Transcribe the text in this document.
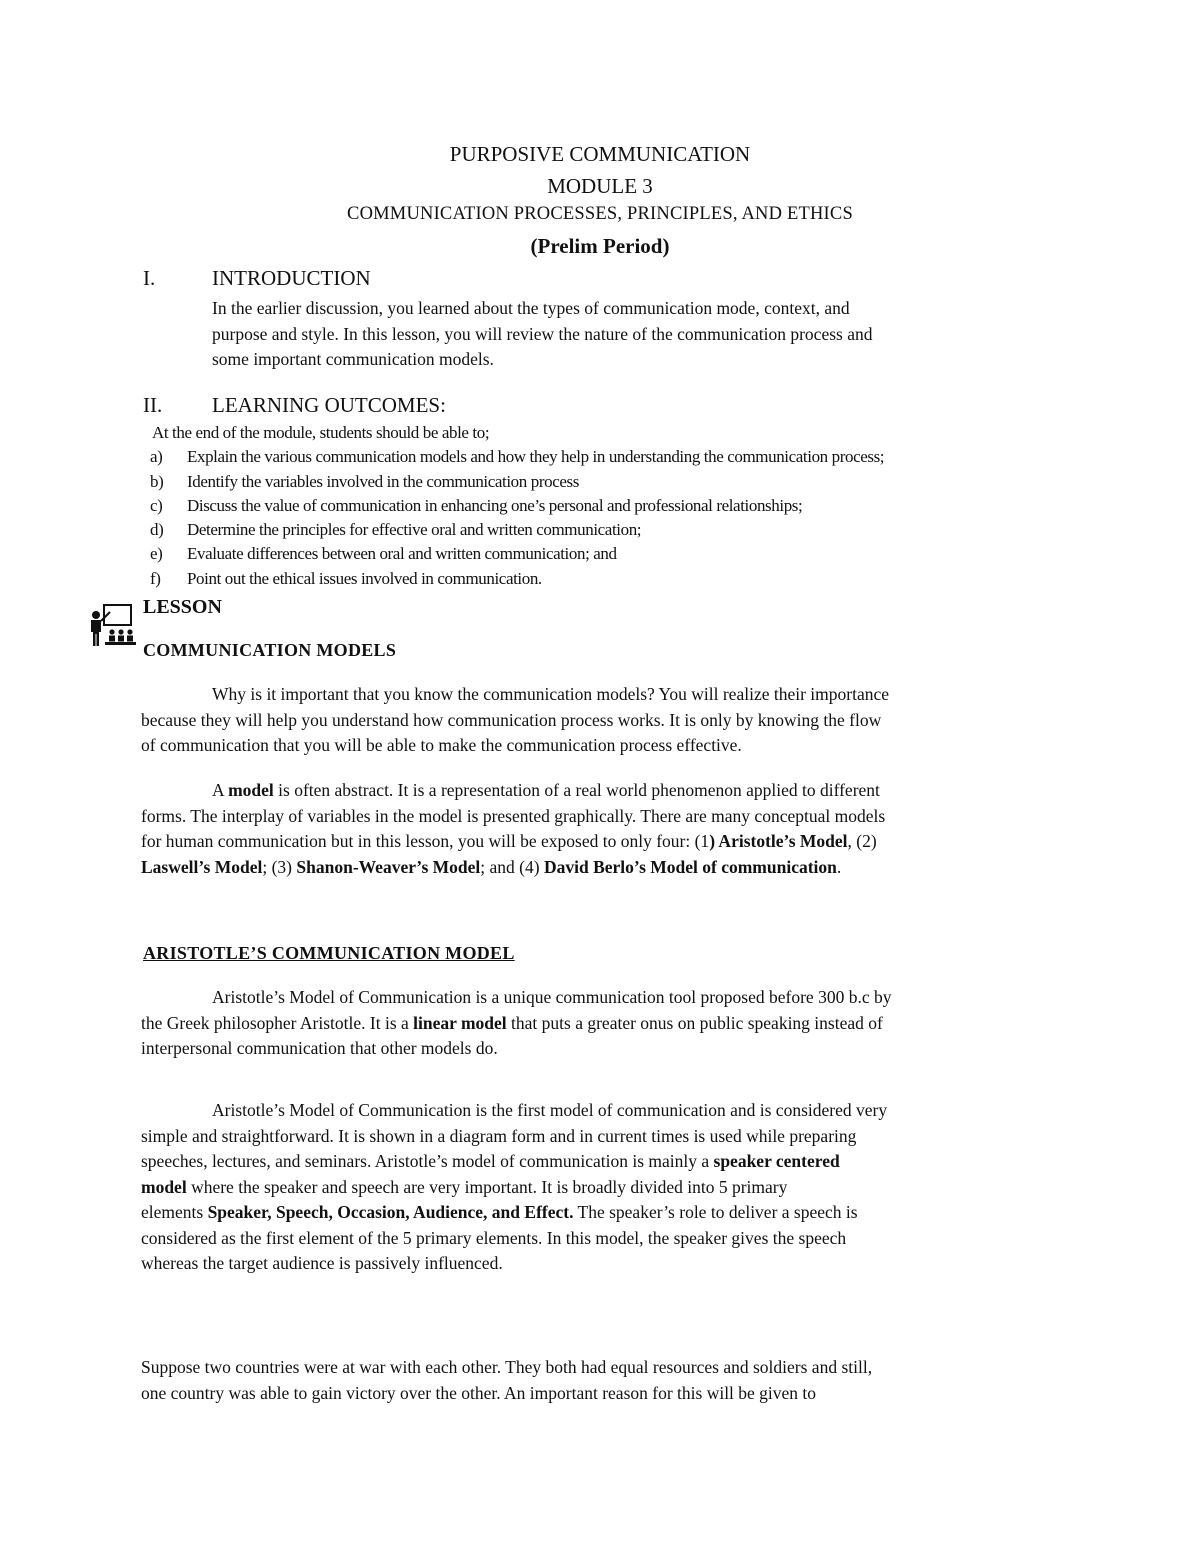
PURPOSIVE COMMUNICATION
MODULE 3
COMMUNICATION PROCESSES, PRINCIPLES, AND ETHICS
(Prelim Period)
I.	INTRODUCTION
In the earlier discussion, you learned about the types of communication mode, context, and
purpose and style. In this lesson, you will review the nature of the communication process and
some important communication models.
II. LEARNING OUTCOMES:
At the end of the module, students should be able to;
a) Explain the various communication models and how they help in understanding the communication process;
b) Identify the variables involved in the communication process
c) Discuss the value of communication in enhancing one’s personal and professional relationships;
d) Determine the principles for effective oral and written communication;
e) Evaluate differences between oral and written communication; and
f) Point out the ethical issues involved in communication.
LESSON
COMMUNICATION MODELS
Why is it important that you know the communication models? You will realize their importance
because they will help you understand how communication process works. It is only by knowing the flow
of communication that you will be able to make the communication process effective.
A model is often abstract. It is a representation of a real world phenomenon applied to different
forms. The interplay of variables in the model is presented graphically. There are many conceptual models
for human communication but in this lesson, you will be exposed to only four: (1) Aristotle’s Model, (2)
Laswell’s Model; (3) Shanon-Weaver’s Model; and (4) David Berlo’s Model of communication.
ARISTOTLE’S COMMUNICATION MODEL
Aristotle’s Model of Communication is a unique communication tool proposed before 300 b.c by
the Greek philosopher Aristotle. It is a linear model that puts a greater onus on public speaking instead of
interpersonal communication that other models do.
Aristotle’s Model of Communication is the first model of communication and is considered very
simple and straightforward. It is shown in a diagram form and in current times is used while preparing
speeches, lectures, and seminars. Aristotle’s model of communication is mainly a speaker centered
model where the speaker and speech are very important. It is broadly divided into 5 primary
elements Speaker, Speech, Occasion, Audience, and Effect. The speaker’s role to deliver a speech is
considered as the first element of the 5 primary elements. In this model, the speaker gives the speech
whereas the target audience is passively influenced.
Suppose two countries were at war with each other. They both had equal resources and soldiers and still,
one country was able to gain victory over the other. An important reason for this will be given to
